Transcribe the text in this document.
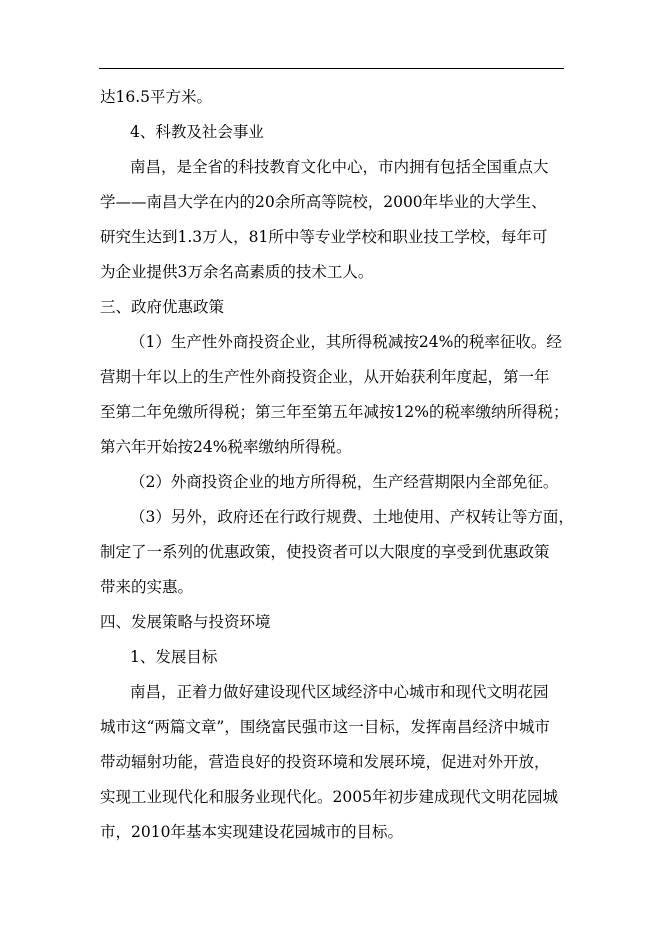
达16.5平方米。
4、科教及社会事业
南昌，是全省的科技教育文化中心，市内拥有包括全国重点大
学——南昌大学在内的20余所高等院校，2000年毕业的大学生、
研究生达到1.3万人，81所中等专业学校和职业技工学校，每年可
为企业提供3万余名高素质的技术工人。
三、政府优惠政策
（1）生产性外商投资企业，其所得税减按24%的税率征收。经
营期十年以上的生产性外商投资企业，从开始获利年度起，第一年
至第二年免缴所得税；第三年至第五年减按12%的税率缴纳所得税；
第六年开始按24%税率缴纳所得税。
（2）外商投资企业的地方所得税，生产经营期限内全部免征。
（3）另外，政府还在行政行规费、土地使用、产权转让等方面，
制定了一系列的优惠政策，使投资者可以大限度的享受到优惠政策
带来的实惠。
四、发展策略与投资环境
1、发展目标
南昌，正着力做好建设现代区域经济中心城市和现代文明花园
城市这“两篇文章”，围绕富民强市这一目标，发挥南昌经济中城市
带动辐射功能，营造良好的投资环境和发展环境，促进对外开放，
实现工业现代化和服务业现代化。2005年初步建成现代文明花园城
市，2010年基本实现建设花园城市的目标。
